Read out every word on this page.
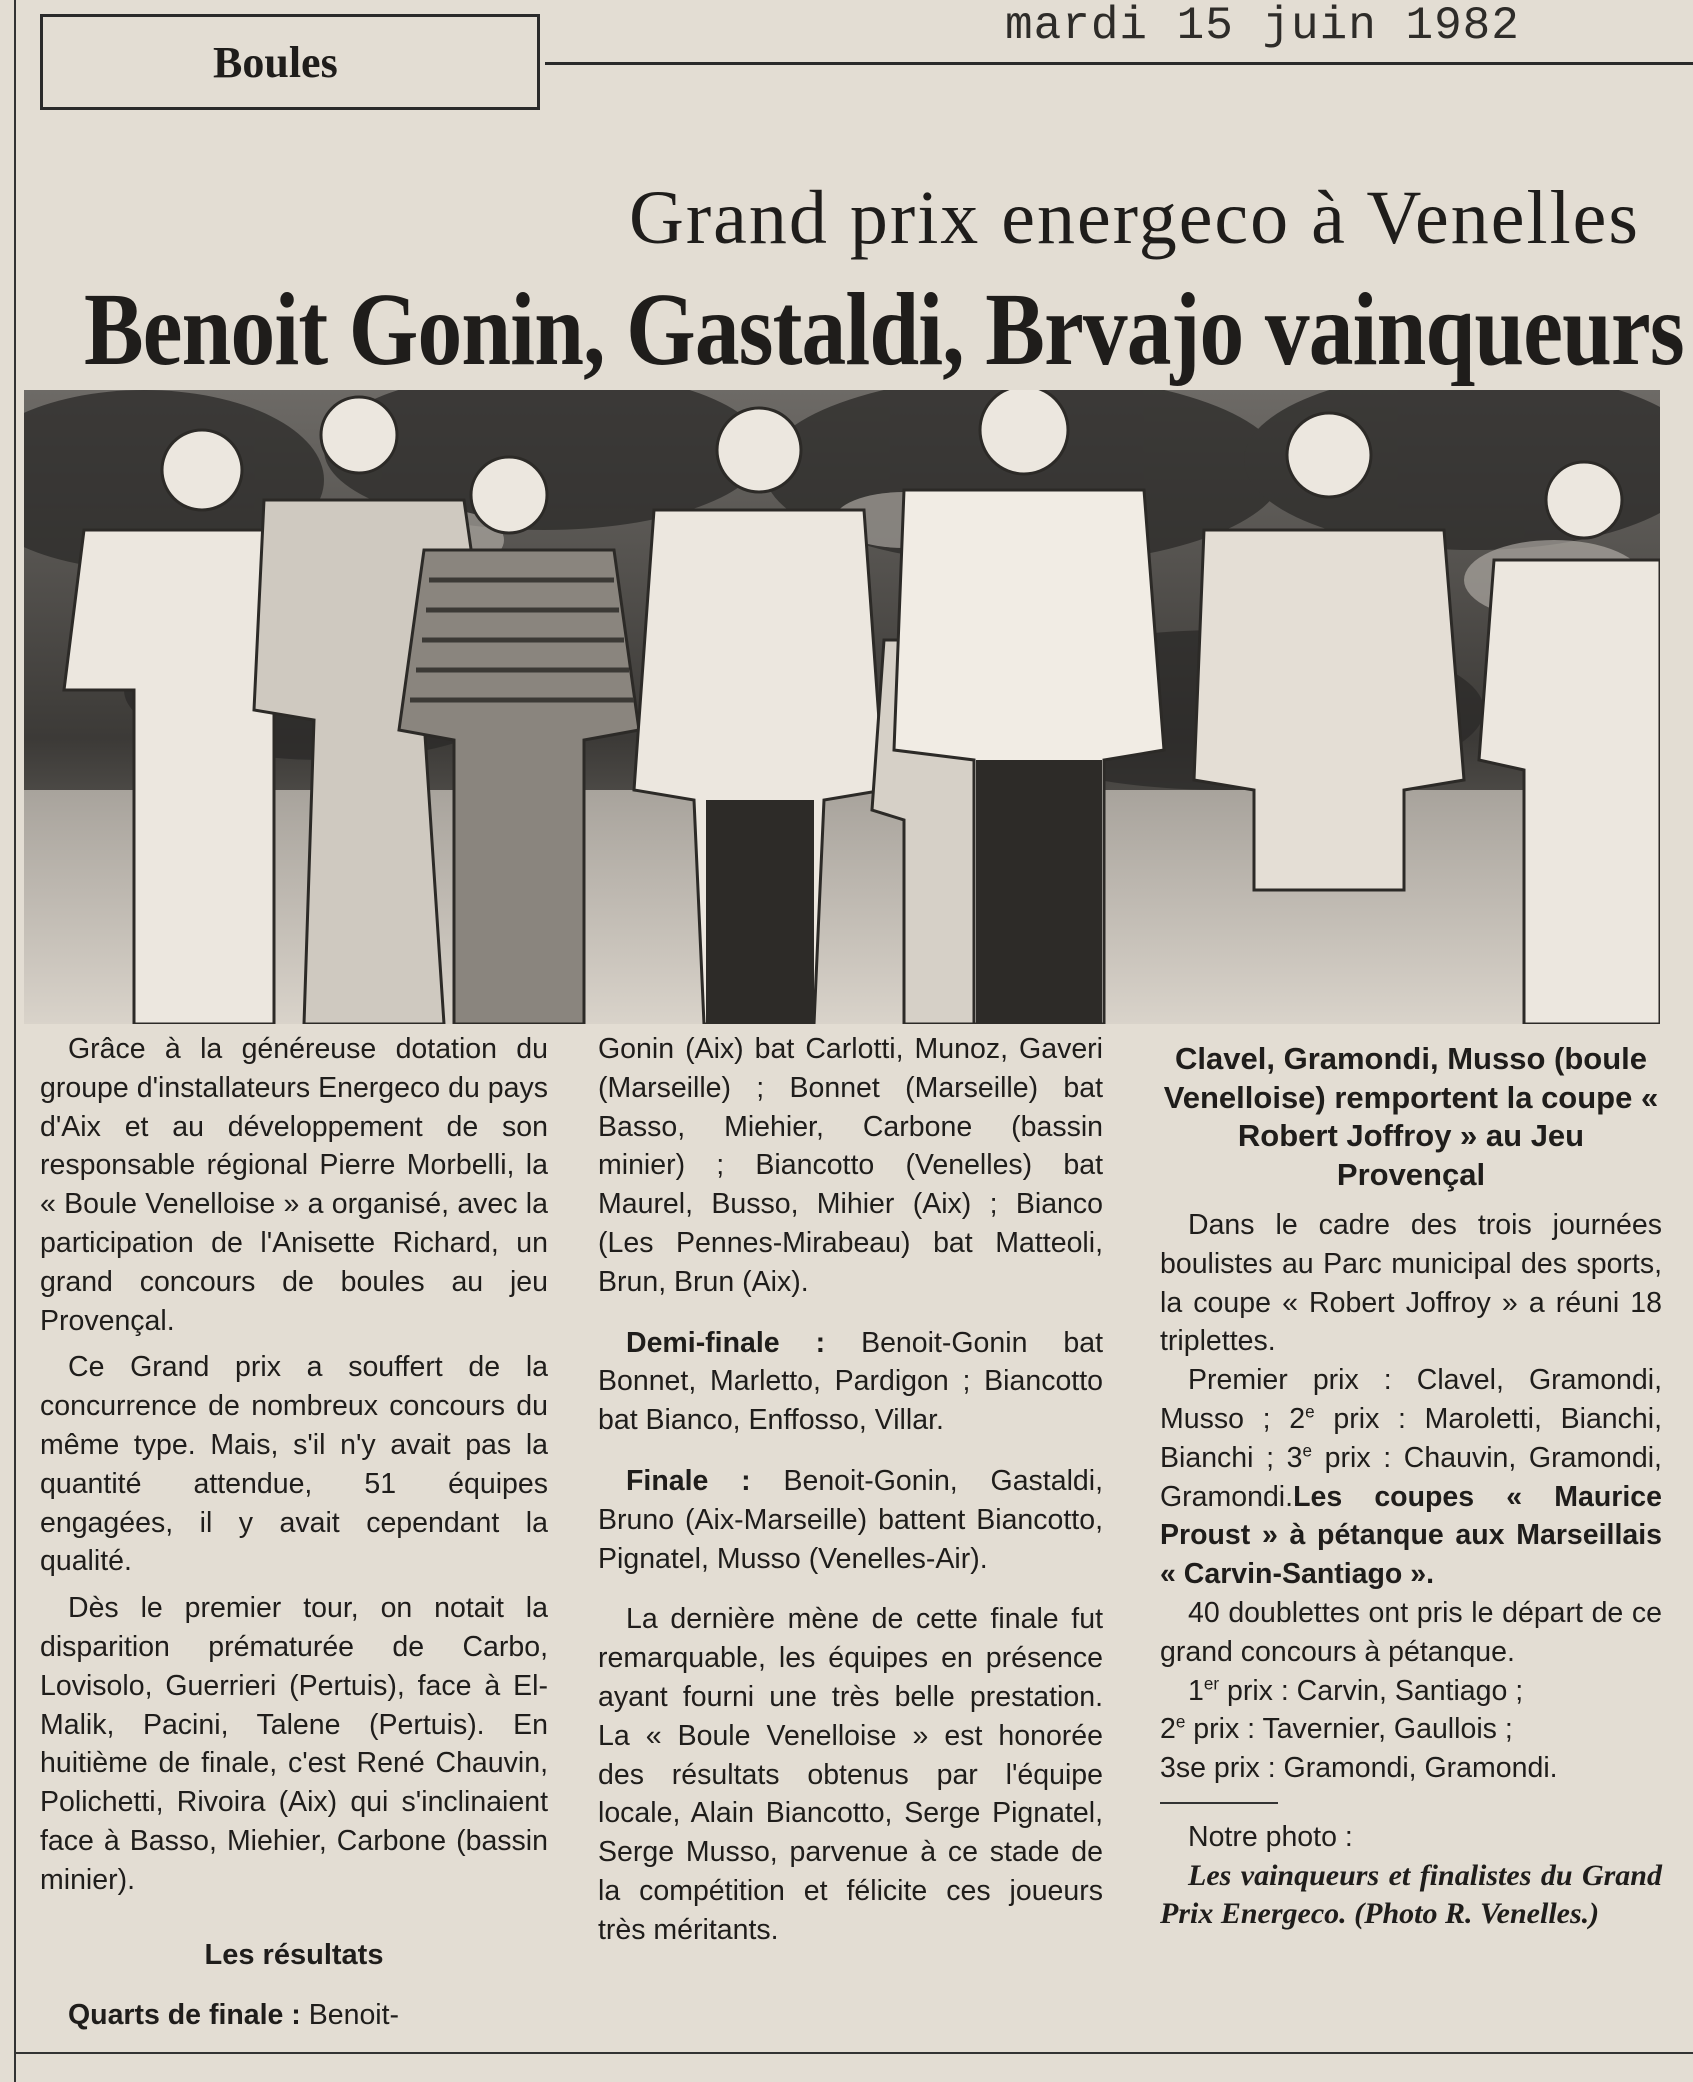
Boules
mardi 15 juin 1982
Grand prix energeco à Venelles
Benoit Gonin, Gastaldi, Brvajo vainqueurs

Grâce à la généreuse dotation du groupe d'installateurs Energeco du pays d'Aix et au développement de son responsable régional Pierre Morbelli, la « Boule Venelloise » a organisé, avec la participation de l'Anisette Richard, un grand concours de boules au jeu Provençal.

Ce Grand prix a souffert de la concurrence de nombreux concours du même type. Mais, s'il n'y avait pas la quantité attendue, 51 équipes engagées, il y avait cependant la qualité.

Dès le premier tour, on notait la disparition prématurée de Carbo, Lovisolo, Guerrieri (Pertuis), face à El-Malik, Pacini, Talene (Pertuis). En huitième de finale, c'est René Chauvin, Polichetti, Rivoira (Aix) qui s'inclinaient face à Basso, Miehier, Carbone (bassin minier).

Les résultats

Quarts de finale : Benoit-

Gonin (Aix) bat Carlotti, Munoz, Gaveri (Marseille) ; Bonnet (Marseille) bat Basso, Miehier, Carbone (bassin minier) ; Biancotto (Venelles) bat Maurel, Busso, Mihier (Aix) ; Bianco (Les Pennes-Mirabeau) bat Matteoli, Brun, Brun (Aix).

Demi-finale : Benoit-Gonin bat Bonnet, Marletto, Pardigon ; Biancotto bat Bianco, Enffosso, Villar.

Finale : Benoit-Gonin, Gastaldi, Bruno (Aix-Marseille) battent Biancotto, Pignatel, Musso (Venelles-Air).

La dernière mène de cette finale fut remarquable, les équipes en présence ayant fourni une très belle prestation. La « Boule Venelloise » est honorée des résultats obtenus par l'équipe locale, Alain Biancotto, Serge Pignatel, Serge Musso, parvenue à ce stade de la compétition et félicite ces joueurs très méritants.

Clavel, Gramondi, Musso (boule Venelloise) remportent la coupe « Robert Joffroy » au Jeu Provençal

Dans le cadre des trois journées boulistes au Parc municipal des sports, la coupe « Robert Joffroy » a réuni 18 triplettes.

Premier prix : Clavel, Gramondi, Musso ; 2e prix : Maroletti, Bianchi, Bianchi ; 3e prix : Chauvin, Gramondi, Gramondi.Les coupes « Maurice Proust » à pétanque aux Marseillais « Carvin-Santiago ».

40 doublettes ont pris le départ de ce grand concours à pétanque.

1er prix : Carvin, Santiago ;

2e prix : Tavernier, Gaullois ;

3se prix : Gramondi, Gramondi.

Notre photo :

Les vainqueurs et finalistes du Grand Prix Energeco. (Photo R. Venelles.)
